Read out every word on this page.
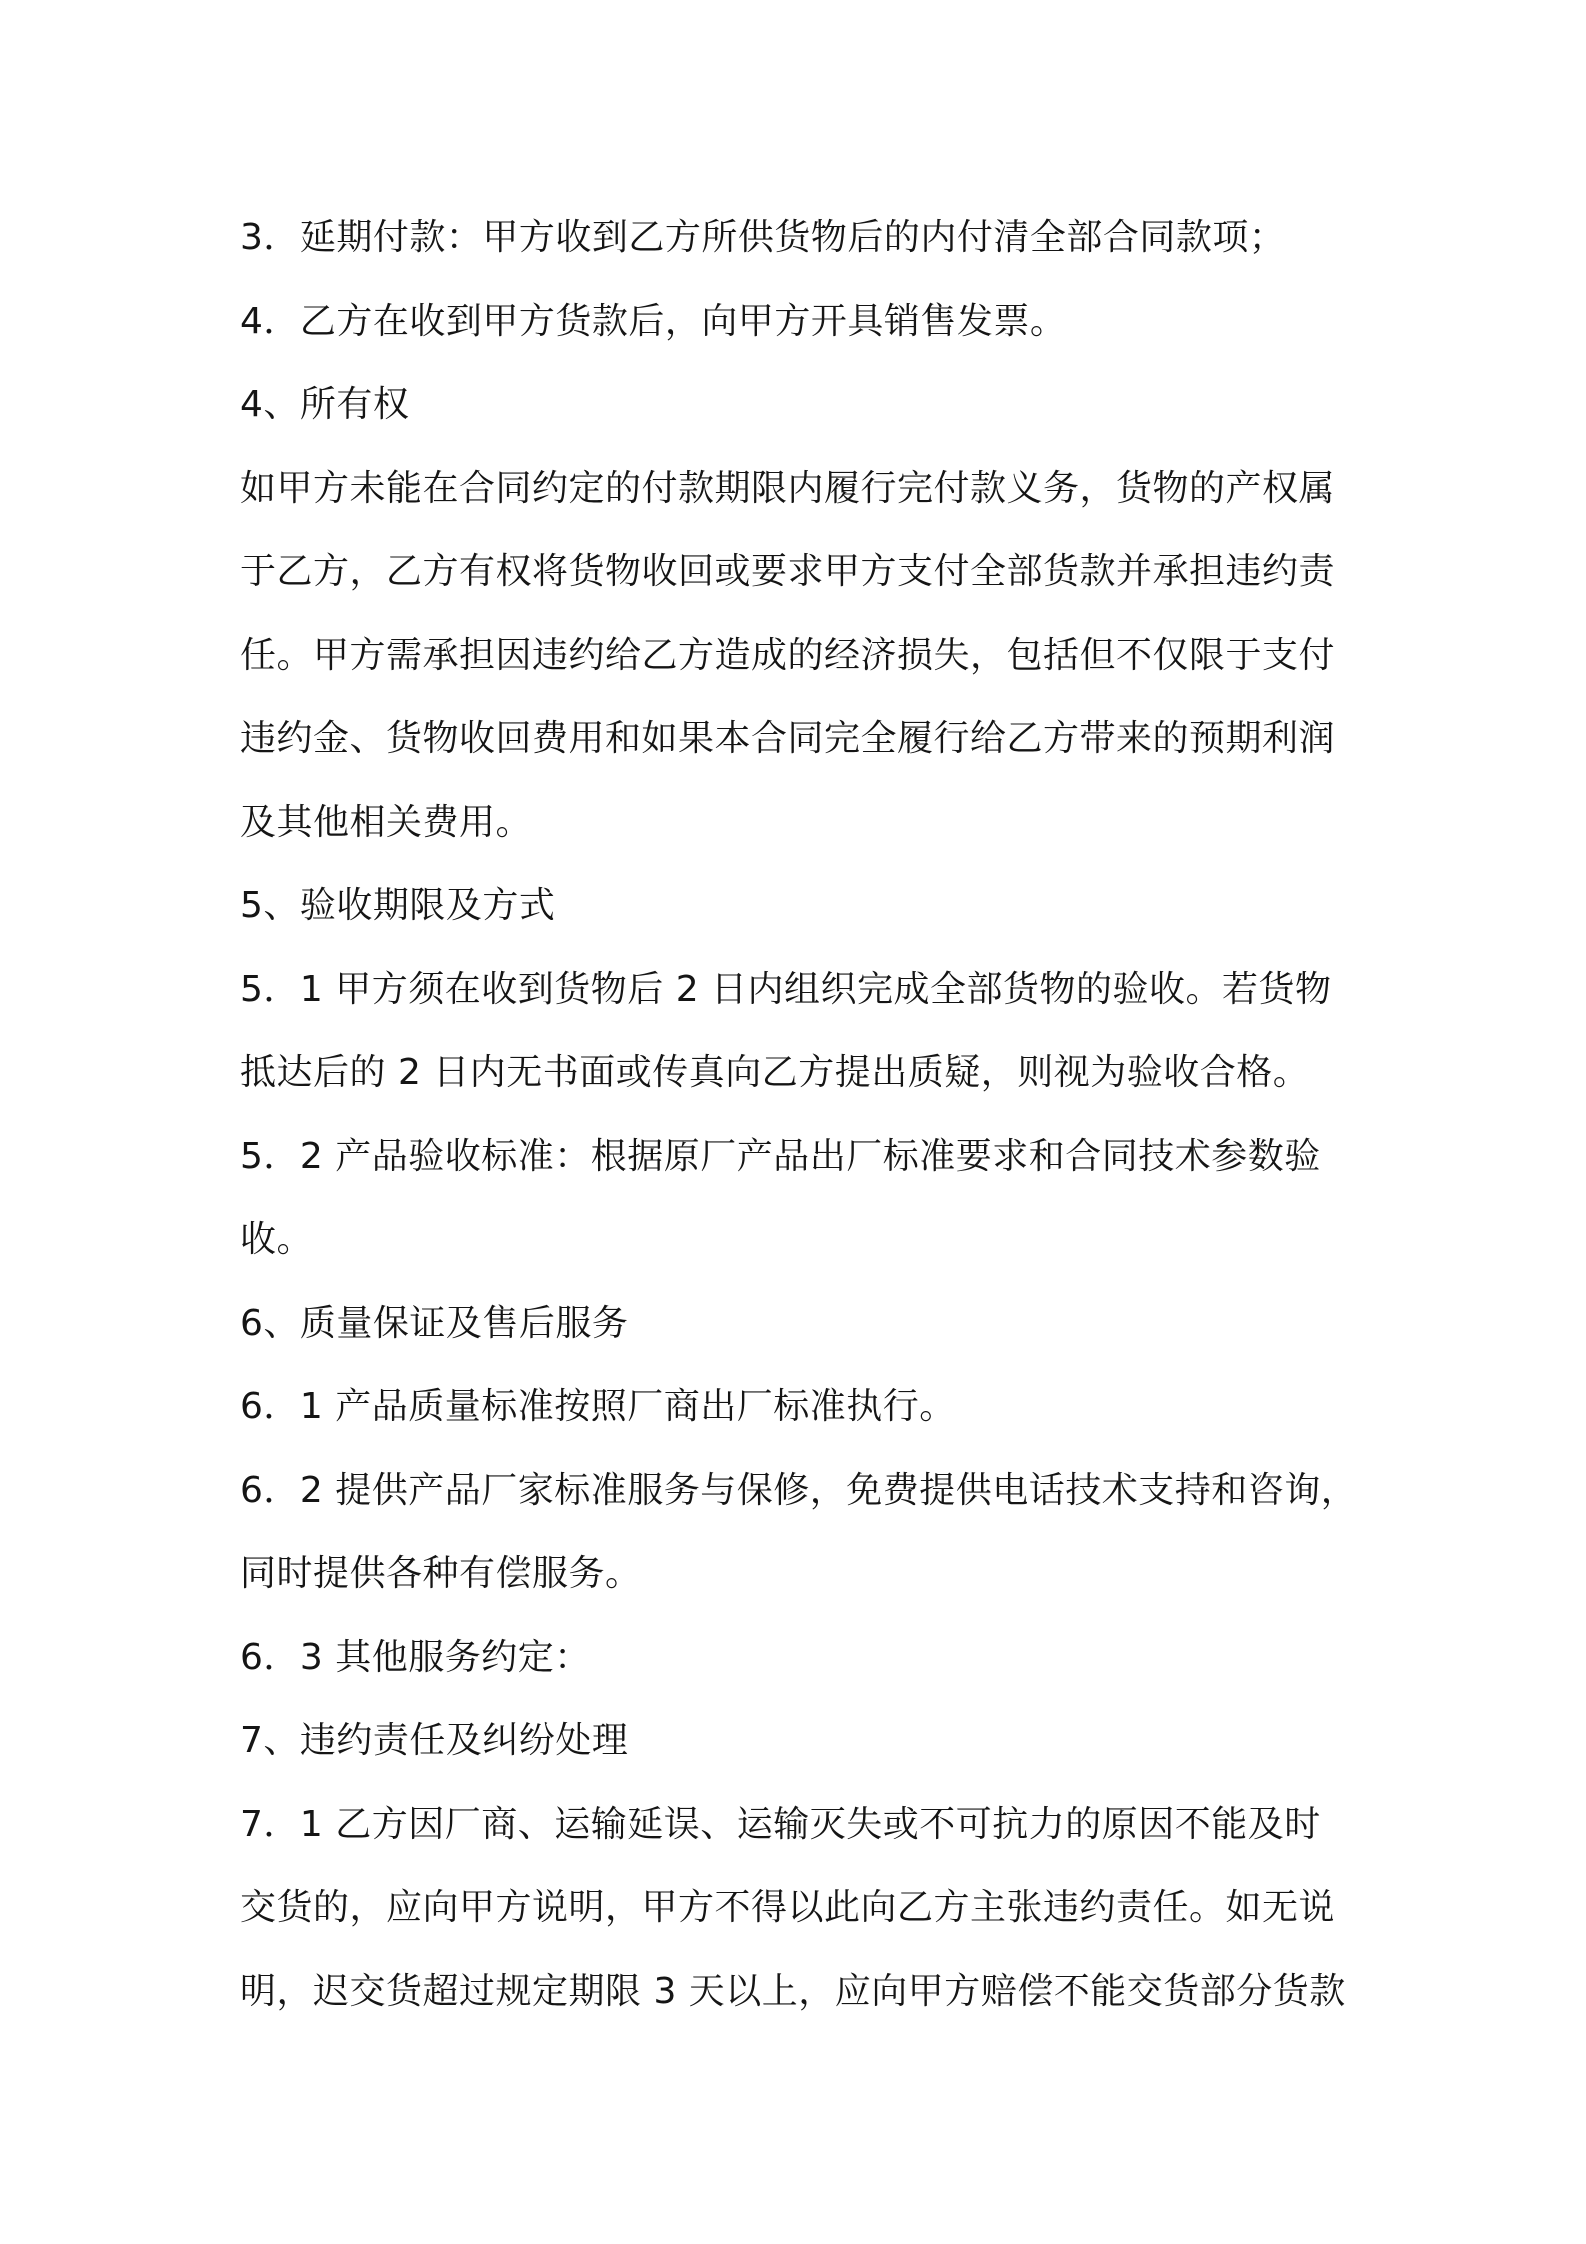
3．延期付款：甲方收到乙方所供货物后的内付清全部合同款项；
4．乙方在收到甲方货款后，向甲方开具销售发票。
4、所有权
如甲方未能在合同约定的付款期限内履行完付款义务，货物的产权属
于乙方，乙方有权将货物收回或要求甲方支付全部货款并承担违约责
任。甲方需承担因违约给乙方造成的经济损失，包括但不仅限于支付
违约金、货物收回费用和如果本合同完全履行给乙方带来的预期利润
及其他相关费用。
5、验收期限及方式
5．1 甲方须在收到货物后 2 日内组织完成全部货物的验收。若货物
抵达后的 2 日内无书面或传真向乙方提出质疑，则视为验收合格。
5．2 产品验收标准：根据原厂产品出厂标准要求和合同技术参数验
收。
6、质量保证及售后服务
6．1 产品质量标准按照厂商出厂标准执行。
6．2 提供产品厂家标准服务与保修，免费提供电话技术支持和咨询，
同时提供各种有偿服务。
6．3 其他服务约定：
7、违约责任及纠纷处理
7．1 乙方因厂商、运输延误、运输灭失或不可抗力的原因不能及时
交货的，应向甲方说明，甲方不得以此向乙方主张违约责任。如无说
明，迟交货超过规定期限 3 天以上，应向甲方赔偿不能交货部分货款
